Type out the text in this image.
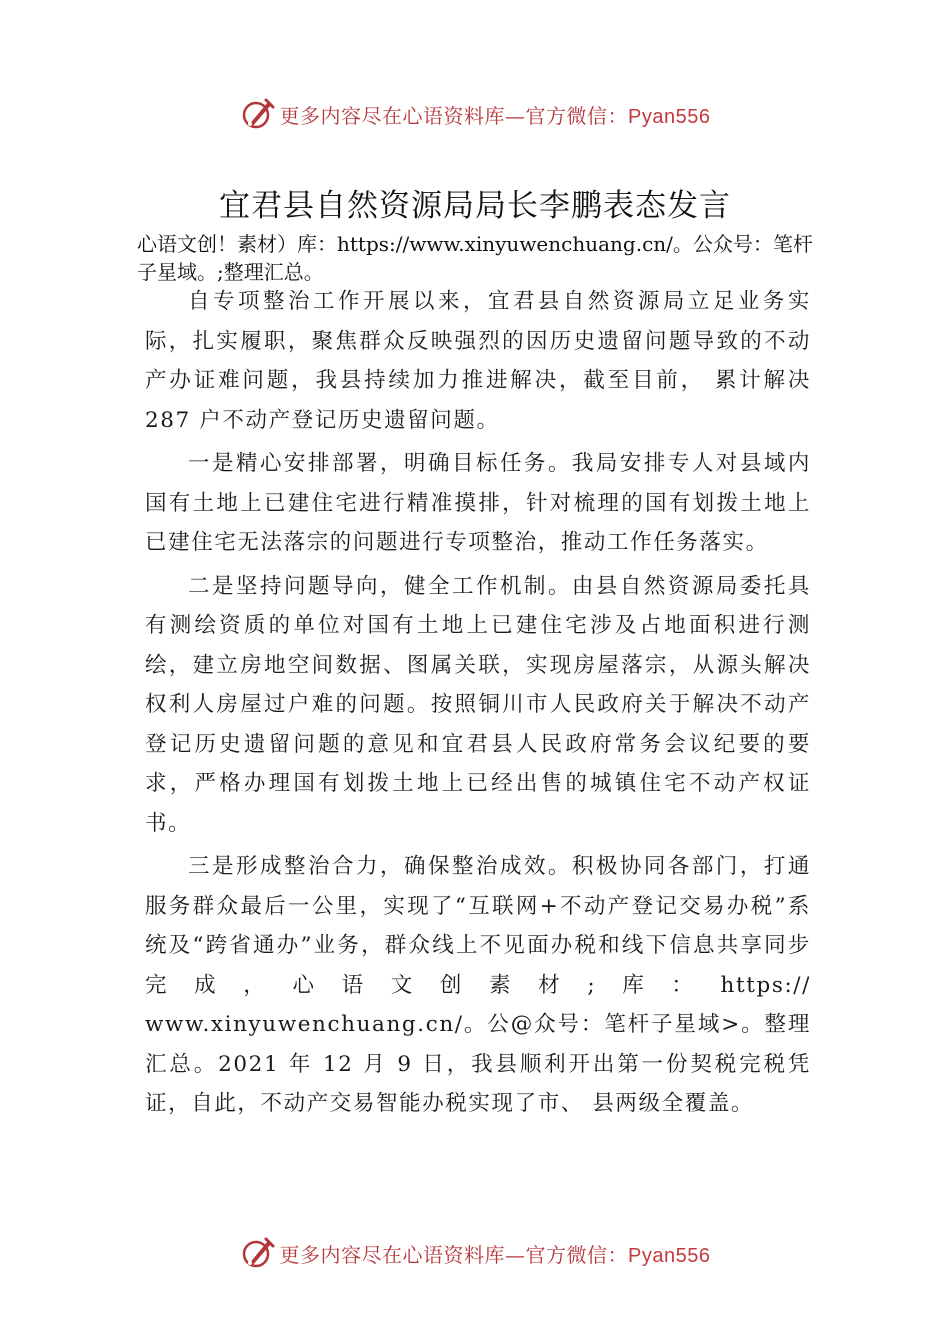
更多内容尽在心语资料库—官方微信：Pyan556
宜君县自然资源局局长李鹏表态发言

心语文创！素材）库：https://www.xinyuwenchuang.cn/。公众号：笔杆子星域。;整理汇总。

自专项整治工作开展以来，宜君县自然资源局立足业务实际，扎实履职，聚焦群众反映强烈的因历史遗留问题导致的不动产办证难问题，我县持续加力推进解决，截至目前， 累计解决 287 户不动产登记历史遗留问题。

一是精心安排部署，明确目标任务。我局安排专人对县域内国有土地上已建住宅进行精准摸排，针对梳理的国有划拨土地上已建住宅无法落宗的问题进行专项整治，推动工作任务落实。

二是坚持问题导向，健全工作机制。由县自然资源局委托具有测绘资质的单位对国有土地上已建住宅涉及占地面积进行测绘，建立房地空间数据、图属关联，实现房屋落宗，从源头解决权利人房屋过户难的问题。按照铜川市人民政府关于解决不动产登记历史遗留问题的意见和宜君县人民政府常务会议纪要的要求，严格办理国有划拨土地上已经出售的城镇住宅不动产权证书。

三是形成整治合力，确保整治成效。积极协同各部门，打通服务群众最后一公里，实现了“互联网+不动产登记交易办税”系统及“跨省通办”业务，群众线上不见面办税和线下信息共享同步完成，心语文创素材;库：https:// www.xinyuwenchuang.cn/。公@众号：笔杆子星域>。整理汇总。2021 年 12 月 9 日，我县顺利开出第一份契税完税凭证，自此，不动产交易智能办税实现了市、 县两级全覆盖。

更多内容尽在心语资料库—官方微信：Pyan556
